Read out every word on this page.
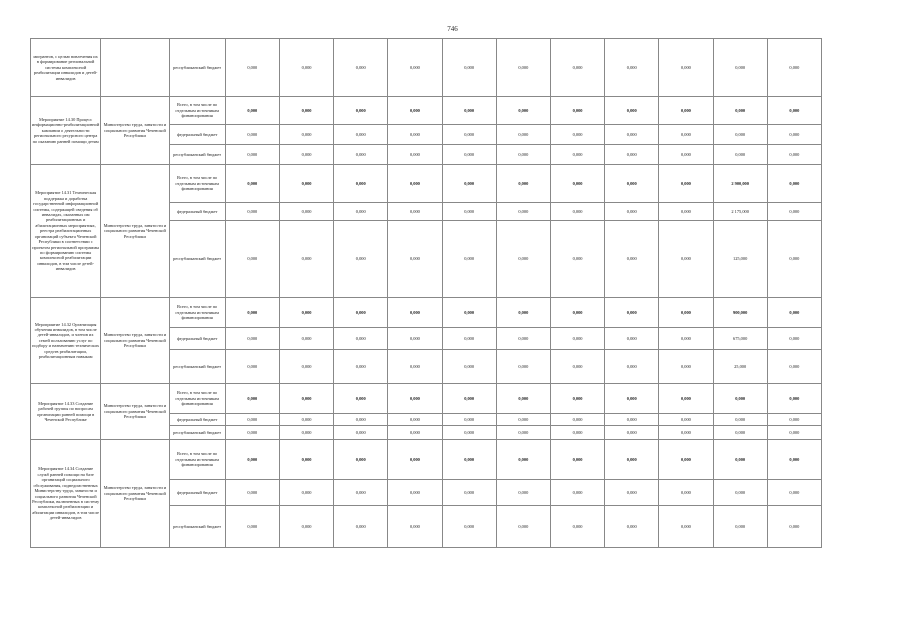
746
мигрантов, с целью вовлечения их в формирование региональной системы комплексной реабилитации инвалидов и детей-инвалидов		республиканский бюджет	0,000	0,000	0,000	0,000	0,000	0,000	0,000	0,000	0,000	0,000	0,000
Мероприятие 14.30 Процесс информационно-реабилитационной кампании о деятельности регионального ресурсного центра по оказанию ранней помощи детям	Министерство труда, занятости и социального развития Чеченской Республики	Всего, в том числе по отдельным источникам финансирования	0,000	0,000	0,000	0,000	0,000	0,000	0,000	0,000	0,000	0,000	0,000
		федеральный бюджет	0,000	0,000	0,000	0,000	0,000	0,000	0,000	0,000	0,000	0,000	0,000
		республиканский бюджет	0,000	0,000	0,000	0,000	0,000	0,000	0,000	0,000	0,000	0,000	0,000
Мероприятие 14.31 Техническая поддержка и доработка государственной информационной системы, содержащей сведения об инвалидах, оказанных им реабилитационных и абилитационных мероприятиях, реестра реабилитационных организаций субъекта Чеченской Республики в соответствии с проектом региональной программы по формированию системы комплексной реабилитации инвалидов, в том числе детей-инвалидов	Министерство труда, занятости и социального развития Чеченской Республики	Всего, в том числе по отдельным источникам финансирования	0,000	0,000	0,000	0,000	0,000	0,000	0,000	0,000	0,000	2 900,000	0,000
		федеральный бюджет	0,000	0,000	0,000	0,000	0,000	0,000	0,000	0,000	0,000	2 175,000	0,000
		республиканский бюджет	0,000	0,000	0,000	0,000	0,000	0,000	0,000	0,000	0,000	125,000	0,000
Мероприятие 14.32 Организация обучения инвалидов, в том числе детей-инвалидов, и членов их семей пользованию услуг по подбору и назначению технических средств реабилитации, реабилитационным навыкам	Министерство труда, занятости и социального развития Чеченской Республики	Всего, в том числе по отдельным источникам финансирования	0,000	0,000	0,000	0,000	0,000	0,000	0,000	0,000	0,000	900,000	0,000
		федеральный бюджет	0,000	0,000	0,000	0,000	0,000	0,000	0,000	0,000	0,000	675,000	0,000
		республиканский бюджет	0,000	0,000	0,000	0,000	0,000	0,000	0,000	0,000	0,000	25,000	0,000
Мероприятие 14.33 Создание рабочей группы по вопросам организации ранней помощи в Чеченской Республике	Министерство труда, занятости и социального развития Чеченской Республики	Всего, в том числе по отдельным источникам финансирования	0,000	0,000	0,000	0,000	0,000	0,000	0,000	0,000	0,000	0,000	0,000
		федеральный бюджет	0,000	0,000	0,000	0,000	0,000	0,000	0,000	0,000	0,000	0,000	0,000
		республиканский бюджет	0,000	0,000	0,000	0,000	0,000	0,000	0,000	0,000	0,000	0,000	0,000
Мероприятие 14.34 Создание служб ранней помощи на базе организаций социального обслуживания, подведомственных Министерству труда, занятости и социального развития Чеченской Республики, включенных в систему комплексной реабилитации и абилитации инвалидов, в том числе детей-инвалидов	Министерство труда, занятости и социального развития Чеченской Республики	Всего, в том числе по отдельным источникам финансирования	0,000	0,000	0,000	0,000	0,000	0,000	0,000	0,000	0,000	0,000	0,000
		федеральный бюджет	0,000	0,000	0,000	0,000	0,000	0,000	0,000	0,000	0,000	0,000	0,000
		республиканский бюджет	0,000	0,000	0,000	0,000	0,000	0,000	0,000	0,000	0,000	0,000	0,000
